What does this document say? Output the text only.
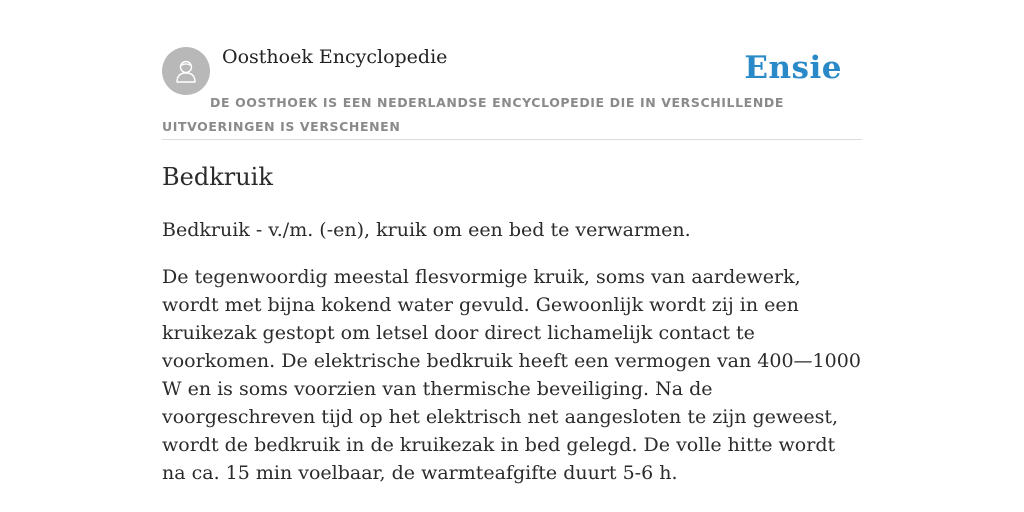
Oosthoek Encyclopedie	Ensie
DE OOSTHOEK IS EEN NEDERLANDSE ENCYCLOPEDIE DIE IN VERSCHILLENDE UITVOERINGEN IS VERSCHENEN
Bedkruik

Bedkruik - v./m. (-en), kruik om een bed te verwarmen.

De tegenwoordig meestal flesvormige kruik, soms van aardewerk, wordt met bijna kokend water gevuld. Gewoonlijk wordt zij in een kruikezak gestopt om letsel door direct lichamelijk contact te voorkomen. De elektrische bedkruik heeft een vermogen van 400—1000 W en is soms voorzien van thermische beveiliging. Na de voorgeschreven tijd op het elektrisch net aangesloten te zijn geweest, wordt de bedkruik in de kruikezak in bed gelegd. De volle hitte wordt na ca. 15 min voelbaar, de warmteafgifte duurt 5-6 h.
